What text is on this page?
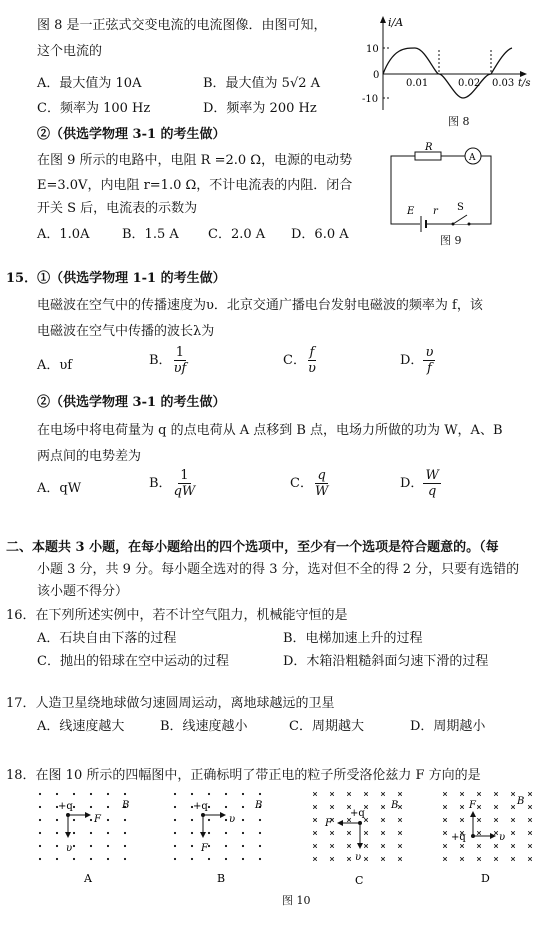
图 8 是一正弦式交变电流的电流图像．由图可知，
这个电流的
A．最大值为 10A	B．最大值为 5√2 A
C．频率为 100 Hz	D．频率为 200 Hz
i/A
10
0
-10
0.01	0.02 0.03 t/s
图 8
②（供选学物理 3-1 的考生做）
在图 9 所示的电路中，电阻 R =2.0 Ω，电源的电动势
E=3.0V，内电阻 r=1.0 Ω，不计电流表的内阻．闭合
开关 S 后，电流表的示数为
A．1.0A	B．1.5 A C．2.0 A D．6.0 A
R
A
E r S
图 9
15．①（供选学物理 1-1 的考生做）
电磁波在空气中的传播速度为υ．北京交通广播电台发射电磁波的频率为 f，该
电磁波在空气中传播的波长λ为
A．υf	B． $\frac{1}{\upsilon f}$	C． $\frac{f}{\upsilon}$	D． $\frac{\upsilon}{f}$
②（供选学物理 3-1 的考生做）
在电场中将电荷量为 q 的点电荷从 A 点移到 B 点，电场力所做的功为 W，A、B
两点间的电势差为
A．qW	B． $\frac{1}{qW}$	C． $\frac{q}{W}$	D． $\frac{W}{q}$
二、本题共 3 小题，在每小题给出的四个选项中，至少有一个选项是符合题意的。（每
小题 3 分，共 9 分。每小题全选对的得 3 分，选对但不全的得 2 分，只要有选错的
该小题不得分）
16．在下列所述实例中，若不计空气阻力，机械能守恒的是
A．石块自由下落的过程	B．电梯加速上升的过程
C．抛出的铅球在空中运动的过程	D．木箱沿粗糙斜面匀速下滑的过程
17．人造卫星绕地球做匀速圆周运动，离地球越远的卫星
A．线速度越大	B．线速度越小	C．周期越大	D．周期越小
18．在图 10 所示的四幅图中，正确标明了带正电的粒子所受洛伦兹力 F 方向的是
+q
F
υ
B
A
+q
υ
F
B
B
+q
F
υ
B
C
+q
F
υ
B
D
图 10
